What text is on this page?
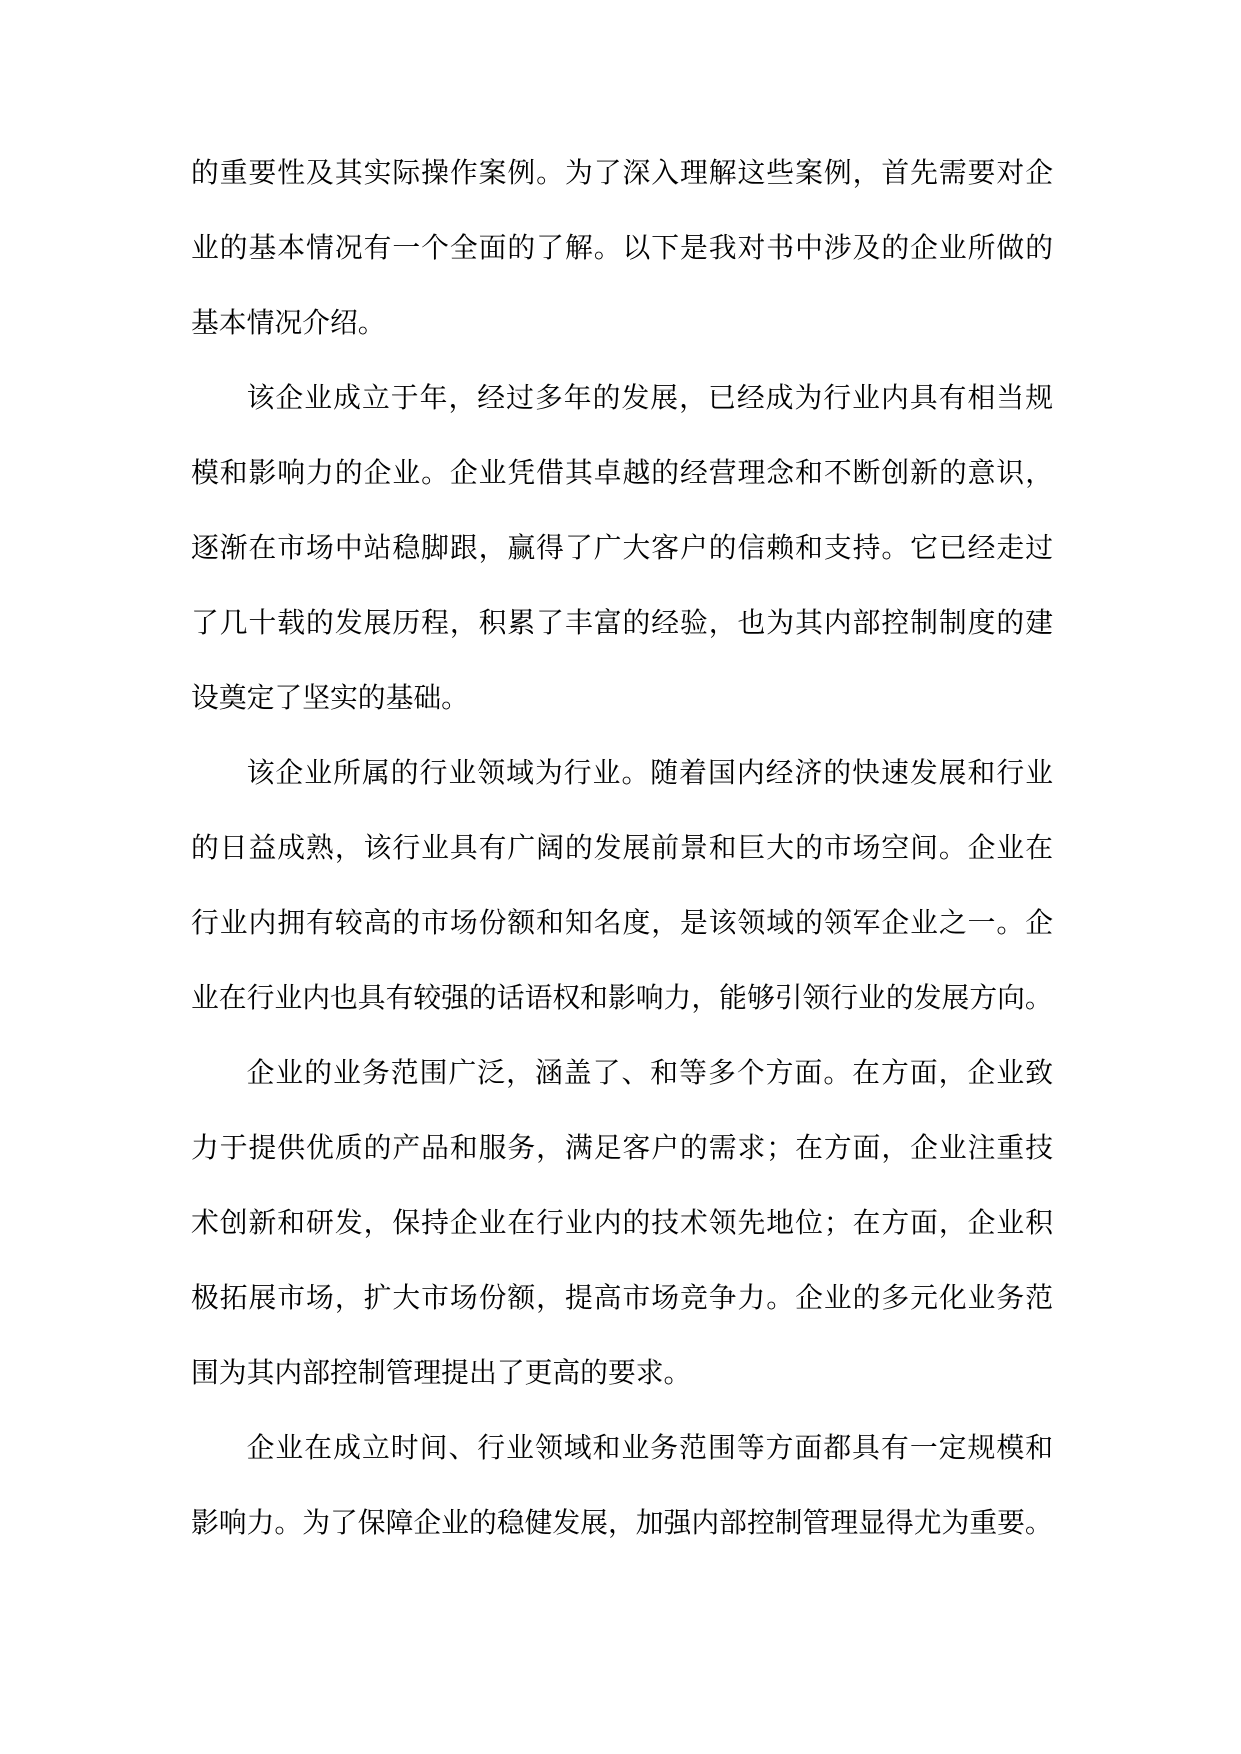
的重要性及其实际操作案例。为了深入理解这些案例，首先需要对企
业的基本情况有一个全面的了解。以下是我对书中涉及的企业所做的
基本情况介绍。
该企业成立于年，经过多年的发展，已经成为行业内具有相当规
模和影响力的企业。企业凭借其卓越的经营理念和不断创新的意识，
逐渐在市场中站稳脚跟，赢得了广大客户的信赖和支持。它已经走过
了几十载的发展历程，积累了丰富的经验，也为其内部控制制度的建
设奠定了坚实的基础。
该企业所属的行业领域为行业。随着国内经济的快速发展和行业
的日益成熟，该行业具有广阔的发展前景和巨大的市场空间。企业在
行业内拥有较高的市场份额和知名度，是该领域的领军企业之一。企
业在行业内也具有较强的话语权和影响力，能够引领行业的发展方向。
企业的业务范围广泛，涵盖了、和等多个方面。在方面，企业致
力于提供优质的产品和服务，满足客户的需求；在方面，企业注重技
术创新和研发，保持企业在行业内的技术领先地位；在方面，企业积
极拓展市场，扩大市场份额，提高市场竞争力。企业的多元化业务范
围为其内部控制管理提出了更高的要求。
企业在成立时间、行业领域和业务范围等方面都具有一定规模和
影响力。为了保障企业的稳健发展，加强内部控制管理显得尤为重要。
